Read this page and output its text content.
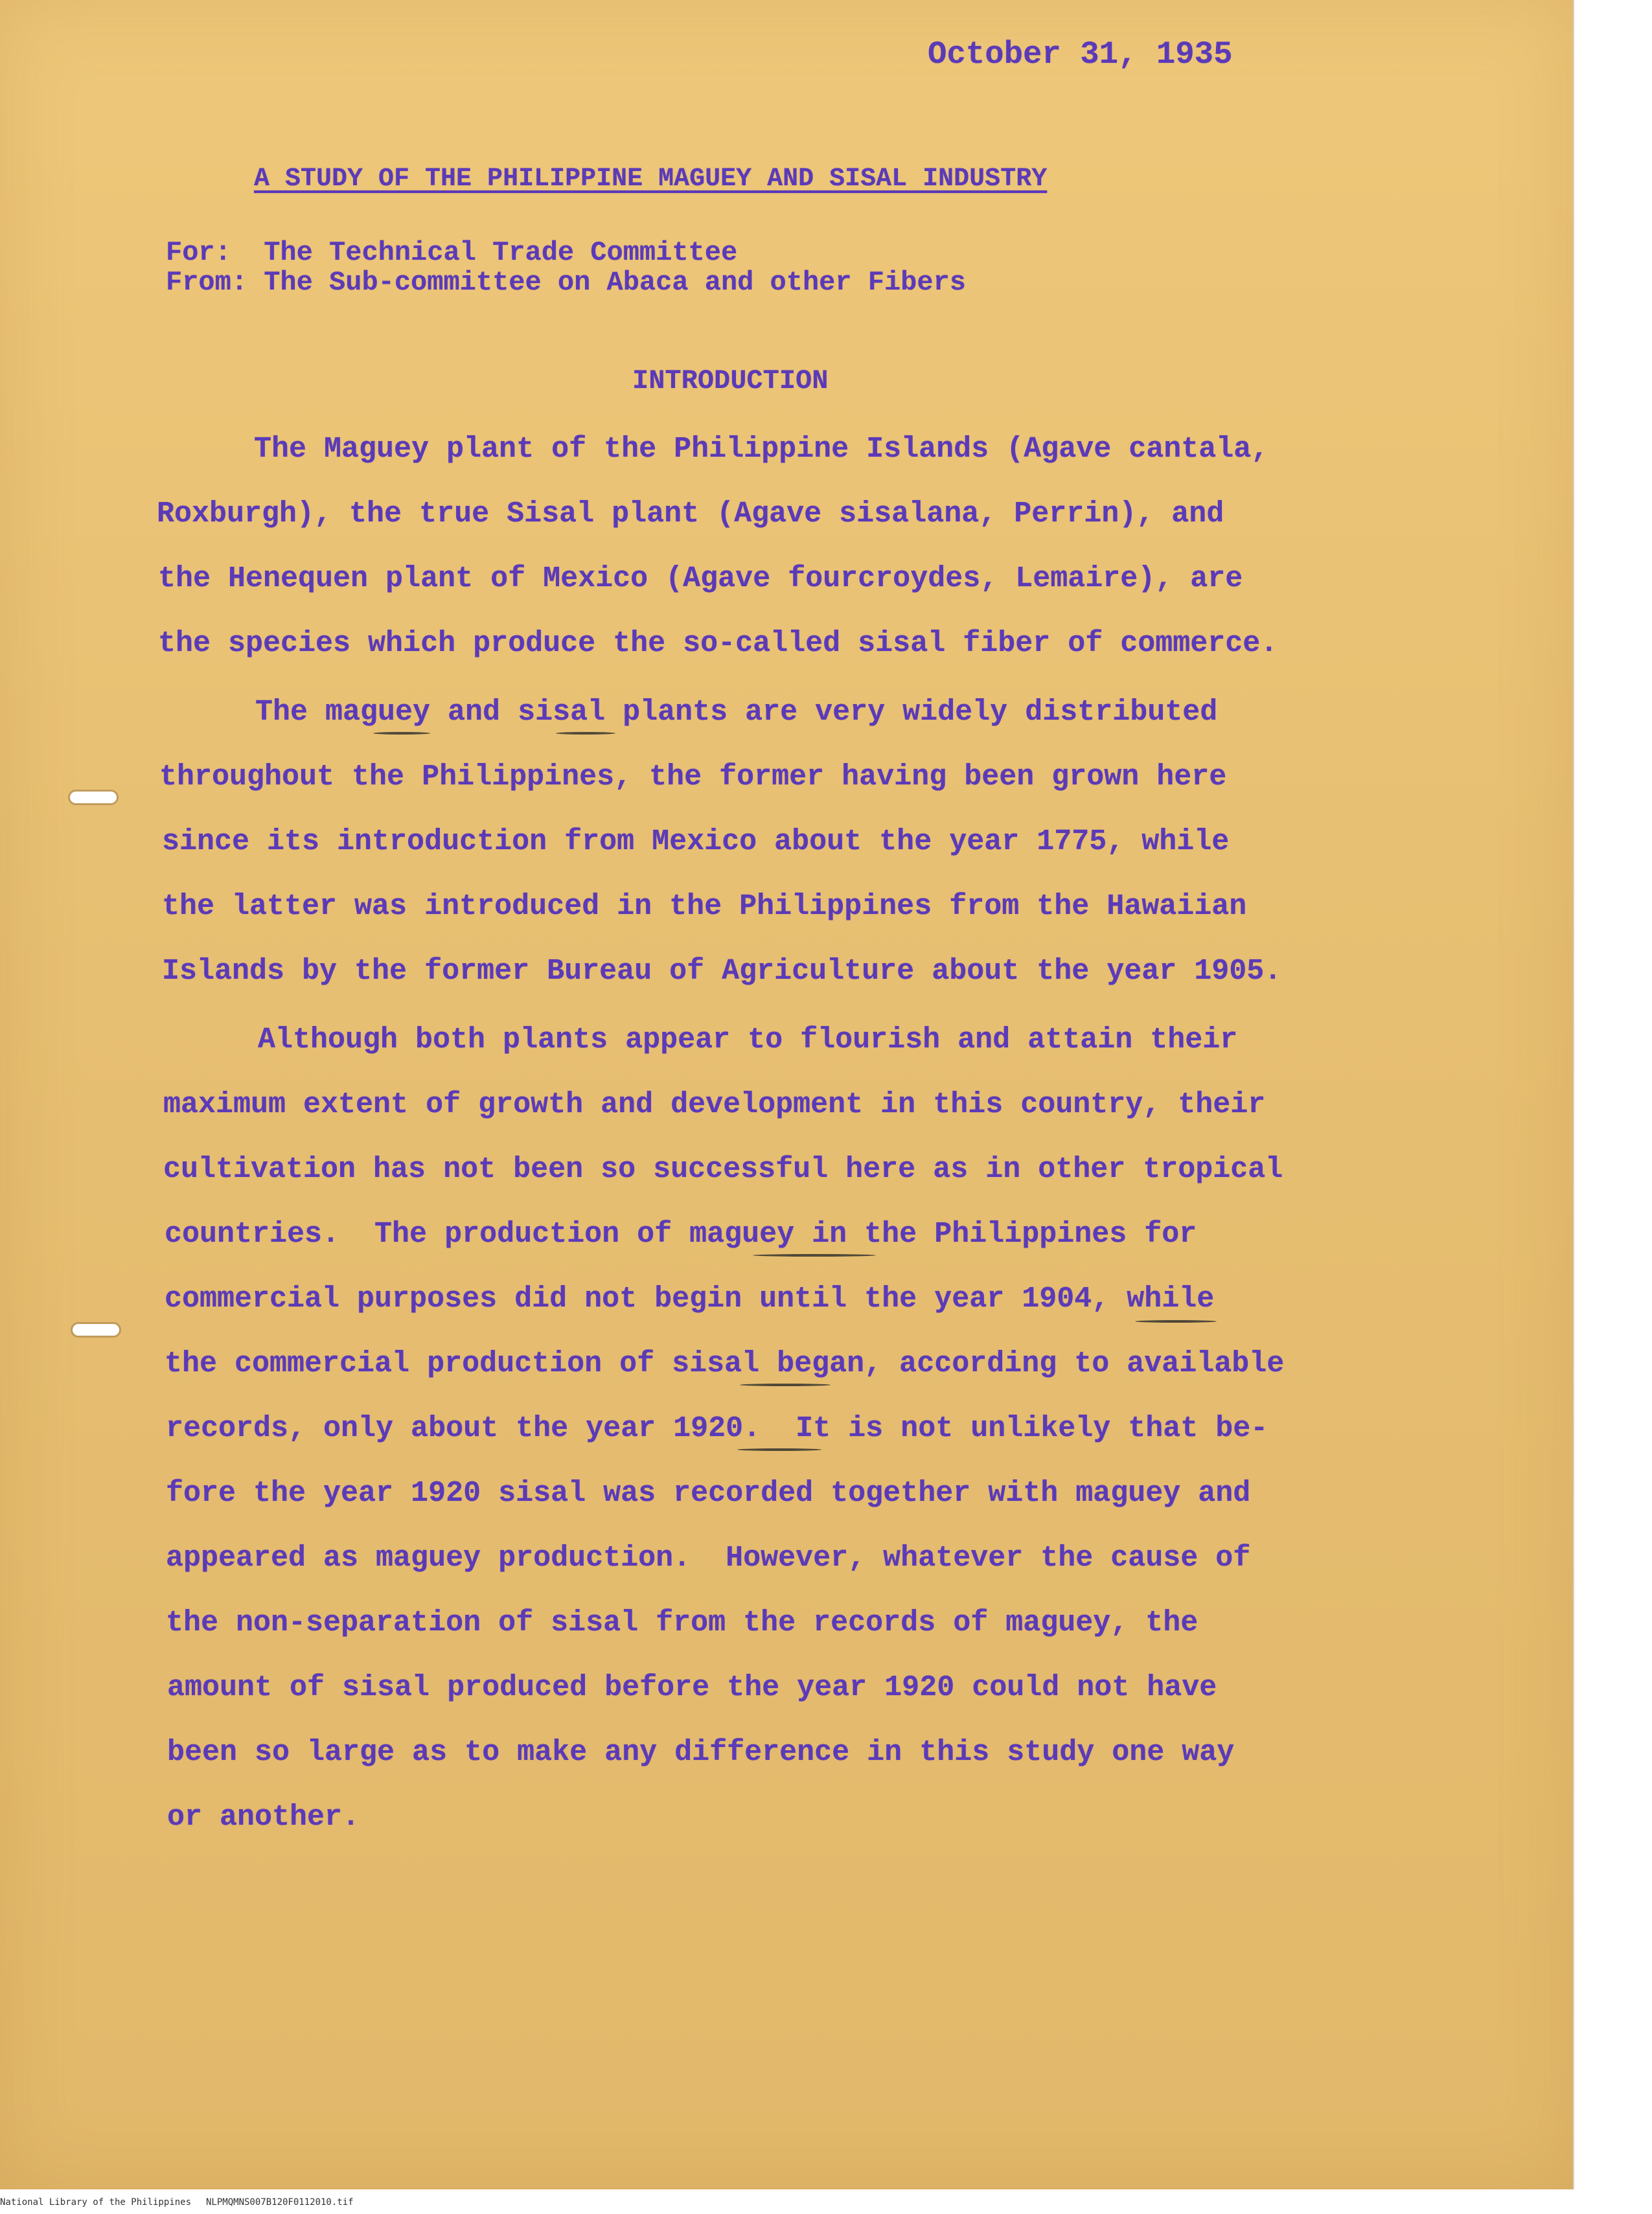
October 31, 1935

A STUDY OF THE PHILIPPINE MAGUEY AND SISAL INDUSTRY

For:  The Technical Trade Committee

From: The Sub-committee on Abaca and other Fibers

INTRODUCTION

The Maguey plant of the Philippine Islands (Agave cantala,

Roxburgh), the true Sisal plant (Agave sisalana, Perrin), and

the Henequen plant of Mexico (Agave fourcroydes, Lemaire), are

the species which produce the so-called sisal fiber of commerce.

The maguey and sisal plants are very widely distributed

throughout the Philippines, the former having been grown here

since its introduction from Mexico about the year 1775, while

the latter was introduced in the Philippines from the Hawaiian

Islands by the former Bureau of Agriculture about the year 1905.

Although both plants appear to flourish and attain their

maximum extent of growth and development in this country, their

cultivation has not been so successful here as in other tropical

countries.  The production of maguey in the Philippines for

commercial purposes did not begin until the year 1904, while

the commercial production of sisal began, according to available

records, only about the year 1920.  It is not unlikely that be-

fore the year 1920 sisal was recorded together with maguey and

appeared as maguey production.  However, whatever the cause of

the non-separation of sisal from the records of maguey, the

amount of sisal produced before the year 1920 could not have

been so large as to make any difference in this study one way

or another.

National Library of the Philippines NLPMQMNS007B120F0112010.tif
